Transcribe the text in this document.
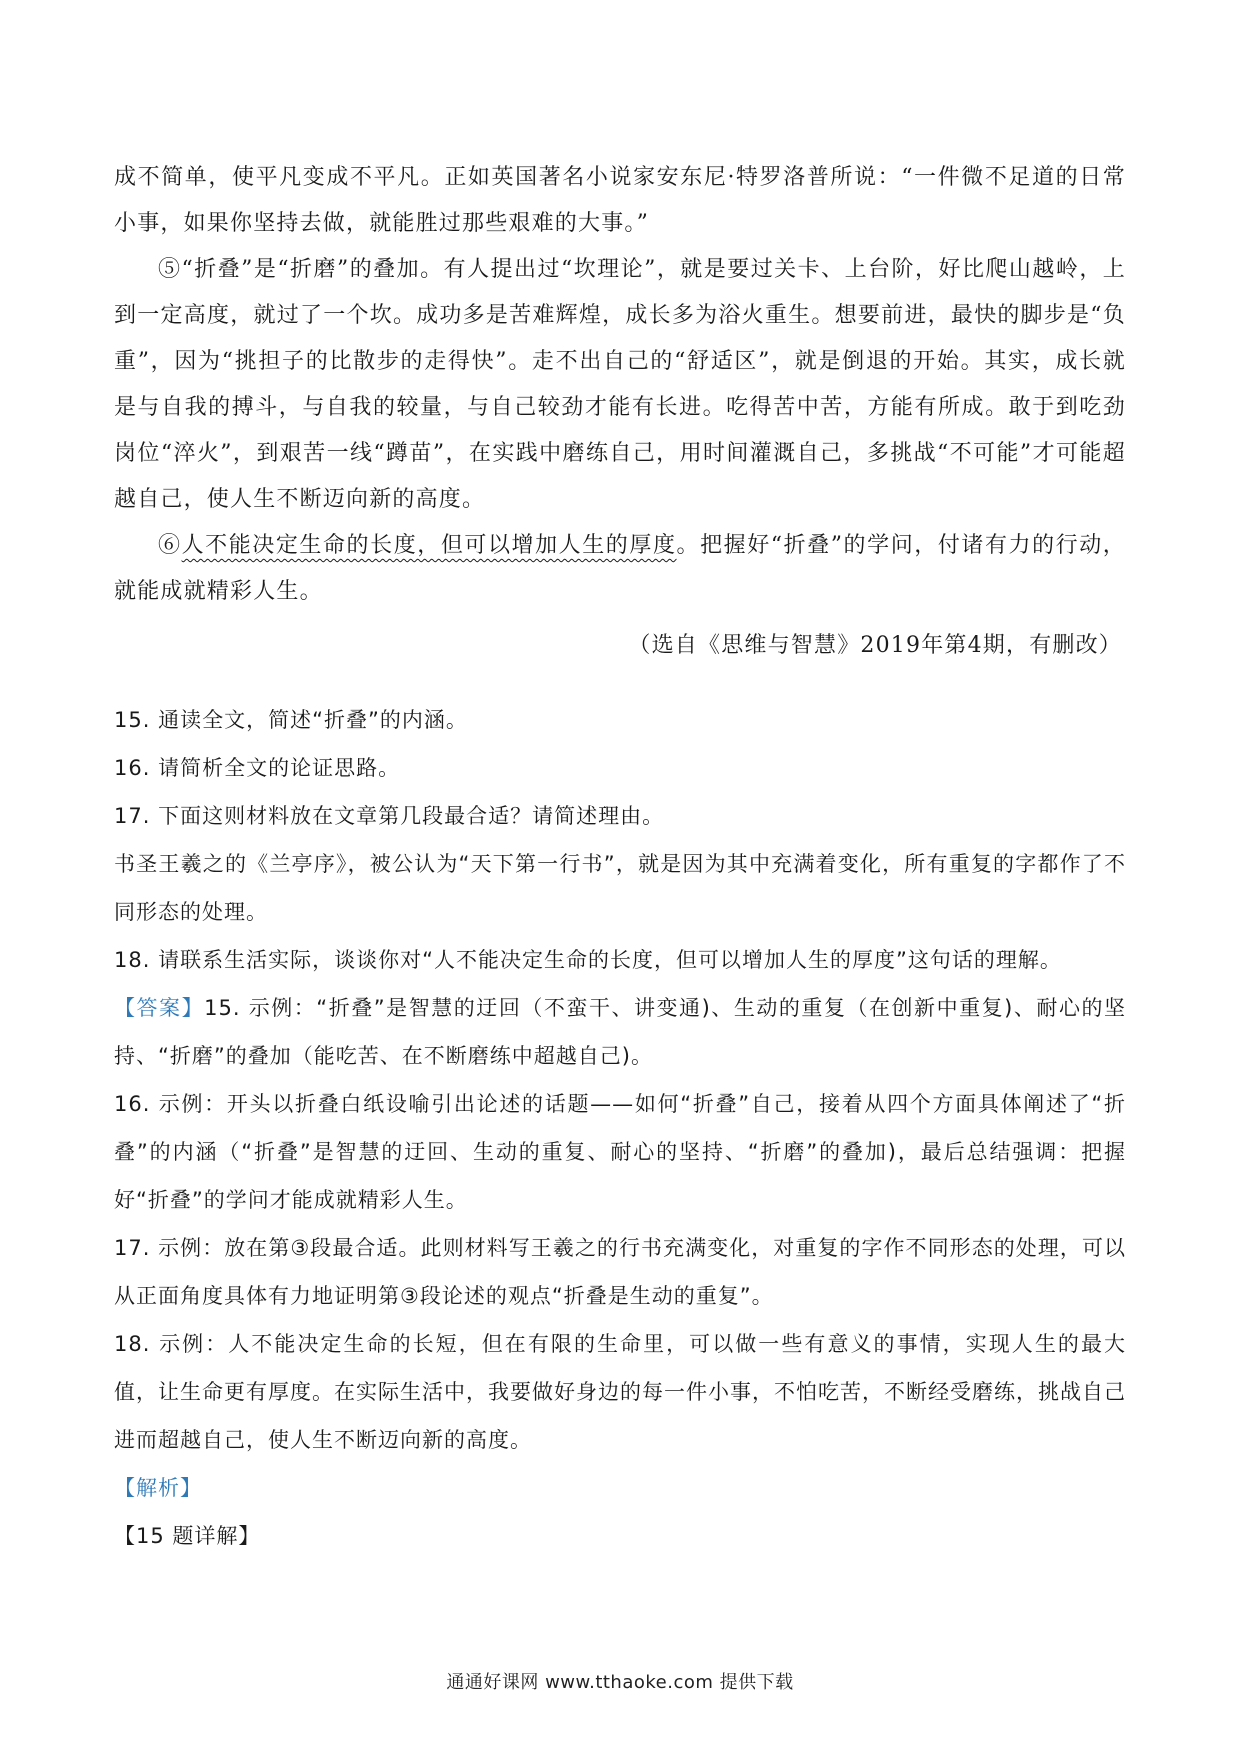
成不简单，使平凡变成不平凡。正如英国著名小说家安东尼·特罗洛普所说：“一件微不足道的日常小事，如果你坚持去做，就能胜过那些艰难的大事。”

⑤“折叠”是“折磨”的叠加。有人提出过“坎理论”，就是要过关卡、上台阶，好比爬山越岭，上到一定高度，就过了一个坎。成功多是苦难辉煌，成长多为浴火重生。想要前进，最快的脚步是“负重”，因为“挑担子的比散步的走得快”。走不出自己的“舒适区”，就是倒退的开始。其实，成长就是与自我的搏斗，与自我的较量，与自己较劲才能有长进。吃得苦中苦，方能有所成。敢于到吃劲岗位“淬火”，到艰苦一线“蹲苗”，在实践中磨练自己，用时间灌溉自己，多挑战“不可能”才可能超越自己，使人生不断迈向新的高度。

⑥人不能决定生命的长度，但可以增加人生的厚度。把握好“折叠”的学问，付诸有力的行动，就能成就精彩人生。

（选自《思维与智慧》2019年第4期，有删改）

15. 通读全文，简述“折叠”的内涵。

16. 请简析全文的论证思路。

17. 下面这则材料放在文章第几段最合适？请简述理由。

书圣王羲之的《兰亭序》，被公认为“天下第一行书”，就是因为其中充满着变化，所有重复的字都作了不同形态的处理。

18. 请联系生活实际，谈谈你对“人不能决定生命的长度，但可以增加人生的厚度”这句话的理解。

【答案】15. 示例：“折叠”是智慧的迂回（不蛮干、讲变通)、生动的重复（在创新中重复)、耐心的坚持、“折磨”的叠加（能吃苦、在不断磨练中超越自己)。

16. 示例：开头以折叠白纸设喻引出论述的话题——如何“折叠”自己，接着从四个方面具体阐述了“折叠”的内涵（“折叠”是智慧的迂回、生动的重复、耐心的坚持、“折磨”的叠加)，最后总结强调：把握好“折叠”的学问才能成就精彩人生。

17. 示例：放在第③段最合适。此则材料写王羲之的行书充满变化，对重复的字作不同形态的处理，可以从正面角度具体有力地证明第③段论述的观点“折叠是生动的重复”。

18. 示例：人不能决定生命的长短，但在有限的生命里，可以做一些有意义的事情，实现人生的最大值，让生命更有厚度。在实际生活中，我要做好身边的每一件小事，不怕吃苦，不断经受磨练，挑战自己进而超越自己，使人生不断迈向新的高度。

【解析】

【15 题详解】

通通好课网 www.tthaoke.com 提供下载
